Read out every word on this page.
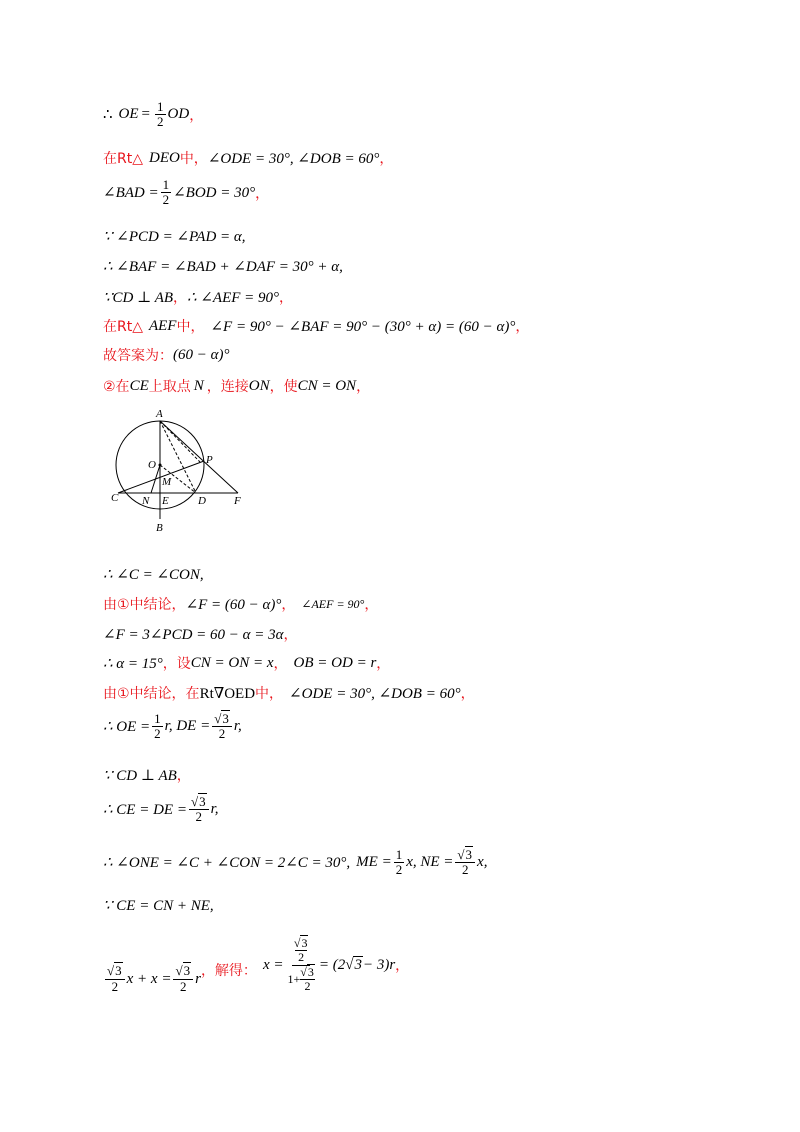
∴ OE = $\frac{1}{2}$ OD ，
在Rt△ DEO 中， ∠ODE = 30°, ∠DOB = 60° ，
∠BAD = $\frac{1}{2}$ ∠BOD = 30° ，
∵ ∠PCD = ∠PAD = α,
∴ ∠BAF = ∠BAD + ∠DAF = 30° + α,
∵CD ⊥ AB ， ∴ ∠AEF = 90° ，
在Rt△ AEF 中， ∠F = 90° − ∠BAF = 90° − (30° + α) = (60 − α)° ，
故答案为： (60 − α)°
②在 CE 上取点 N ，连接 ON ，使 CN = ON ，
A
O	P
M
C N E	D	F
B
∴ ∠C = ∠CON,
由①中结论， ∠F = (60 − α)° ， ∠AEF = 90° ，
∠F = 3∠PCD = 60 − α = 3α ，
∴ α = 15° ，设 CN = ON = x ， OB = OD = r ，
由①中结论，在 Rt∇OED 中， ∠ODE = 30°, ∠DOB = 60° ，
∴ OE = $\frac{1}{2} r$, DE = $\frac{√3}{2} r$,
∵ CD ⊥ AB ，
∴ CE = DE = $\frac{√3}{2} r$,
∴ ∠ONE = ∠C + ∠CON = 2∠C = 30°, ME = $\frac{1}{2} x$, NE = $\frac{√3}{2} x$,
∵ CE = CN + NE,
$\frac{√3}{2}$ $x + x = \frac{√3}{2}$ r ，解得： x = √3
2
$1+ \frac{√3}{2} = (2$ √3 − 3)r ，
